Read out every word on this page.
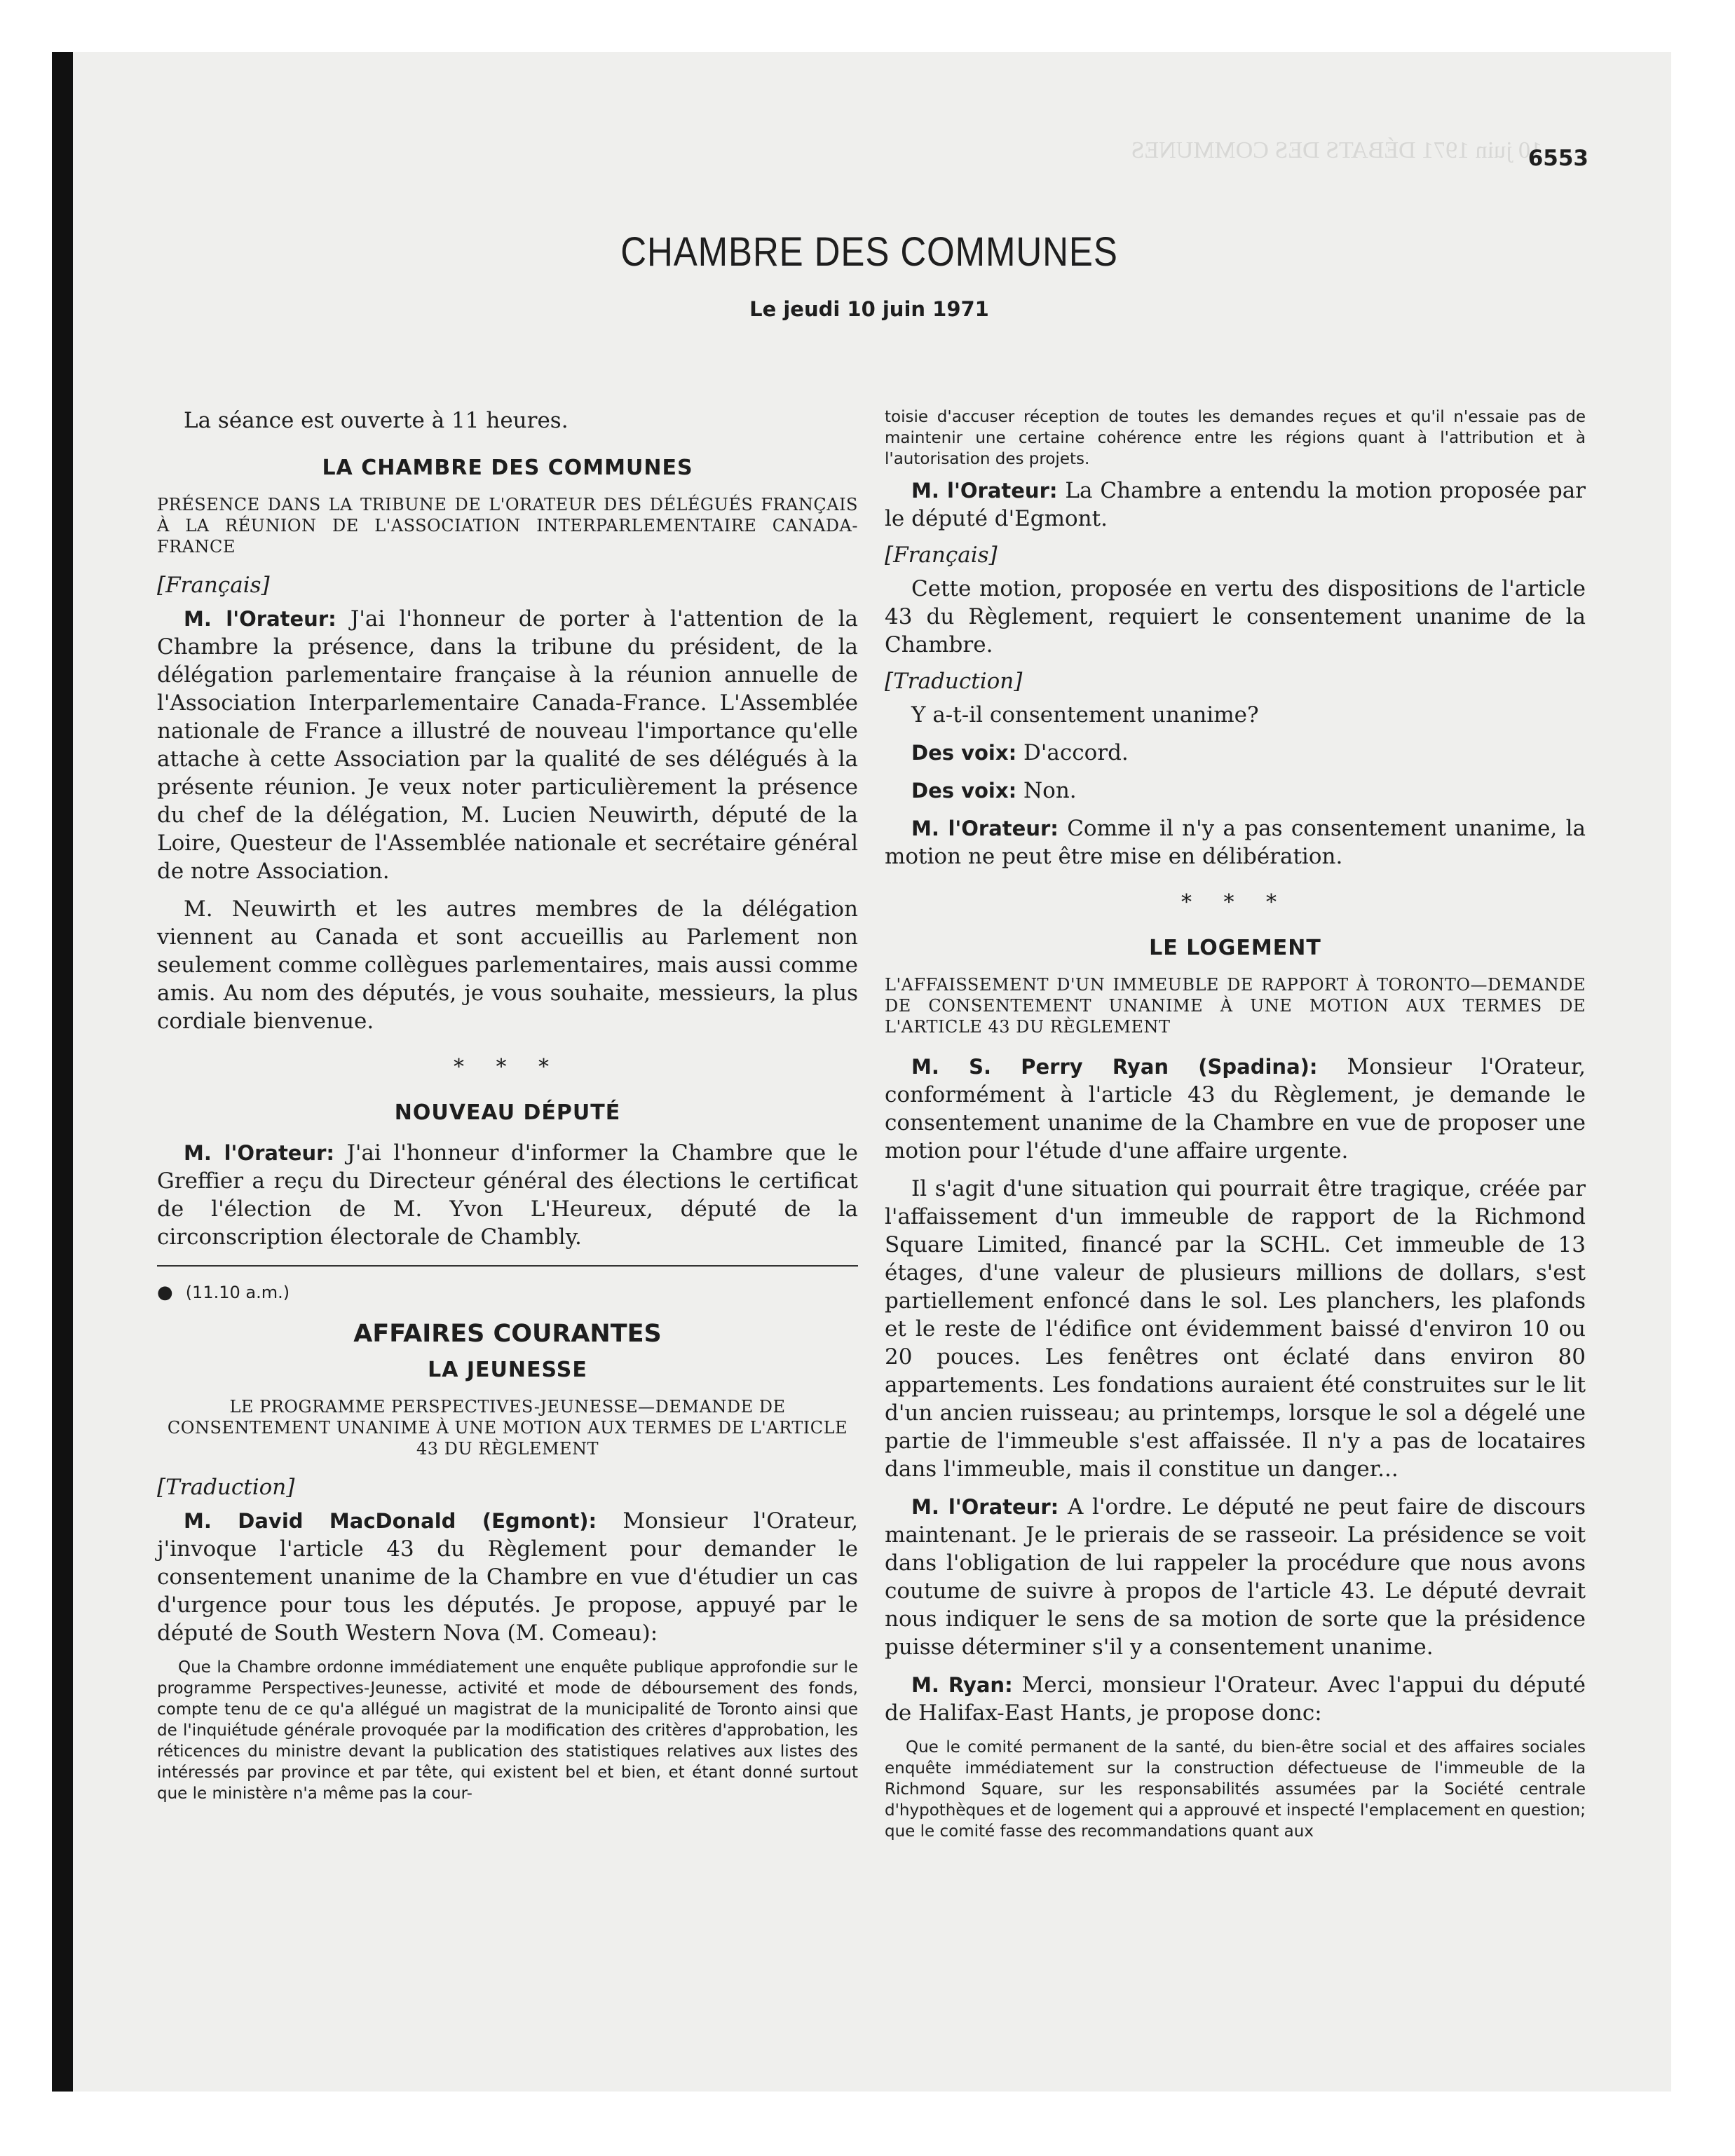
10 juin 1971 DÉBATS DES COMMUNES
6553
CHAMBRE DES COMMUNES
Le jeudi 10 juin 1971

La séance est ouverte à 11 heures.

LA CHAMBRE DES COMMUNES
PRÉSENCE DANS LA TRIBUNE DE L'ORATEUR DES DÉLÉGUÉS FRANÇAIS À LA RÉUNION DE L'ASSOCIATION INTERPARLEMENTAIRE CANADA-FRANCE
[Français]

M. l'Orateur: J'ai l'honneur de porter à l'attention de la Chambre la présence, dans la tribune du président, de la délégation parlementaire française à la réunion annuelle de l'Association Interparlementaire Canada-France. L'Assemblée nationale de France a illustré de nouveau l'importance qu'elle attache à cette Association par la qualité de ses délégués à la présente réunion. Je veux noter particulièrement la présence du chef de la délégation, M. Lucien Neuwirth, député de la Loire, Questeur de l'Assemblée nationale et secrétaire général de notre Association.

M. Neuwirth et les autres membres de la délégation viennent au Canada et sont accueillis au Parlement non seulement comme collègues parlementaires, mais aussi comme amis. Au nom des députés, je vous souhaite, messieurs, la plus cordiale bienvenue.

* * *
NOUVEAU DÉPUTÉ

M. l'Orateur: J'ai l'honneur d'informer la Chambre que le Greffier a reçu du Directeur général des élections le certificat de l'élection de M. Yvon L'Heureux, député de la circonscription électorale de Chambly.

● (11.10 a.m.)
AFFAIRES COURANTES
LA JEUNESSE
LE PROGRAMME PERSPECTIVES-JEUNESSE—DEMANDE DE CONSENTEMENT UNANIME À UNE MOTION AUX TERMES DE L'ARTICLE 43 DU RÈGLEMENT
[Traduction]

M. David MacDonald (Egmont): Monsieur l'Orateur, j'invoque l'article 43 du Règlement pour demander le consentement unanime de la Chambre en vue d'étudier un cas d'urgence pour tous les députés. Je propose, appuyé par le député de South Western Nova (M. Comeau):

Que la Chambre ordonne immédiatement une enquête publique approfondie sur le programme Perspectives-Jeunesse, activité et mode de déboursement des fonds, compte tenu de ce qu'a allégué un magistrat de la municipalité de Toronto ainsi que de l'inquiétude générale provoquée par la modification des critères d'approbation, les réticences du ministre devant la publication des statistiques relatives aux listes des intéressés par province et par tête, qui existent bel et bien, et étant donné surtout que le ministère n'a même pas la cour-

toisie d'accuser réception de toutes les demandes reçues et qu'il n'essaie pas de maintenir une certaine cohérence entre les régions quant à l'attribution et à l'autorisation des projets.

M. l'Orateur: La Chambre a entendu la motion proposée par le député d'Egmont.

[Français]

Cette motion, proposée en vertu des dispositions de l'article 43 du Règlement, requiert le consentement unanime de la Chambre.

[Traduction]

Y a-t-il consentement unanime?

Des voix: D'accord.

Des voix: Non.

M. l'Orateur: Comme il n'y a pas consentement unanime, la motion ne peut être mise en délibération.

* * *
LE LOGEMENT
L'AFFAISSEMENT D'UN IMMEUBLE DE RAPPORT À TORONTO—DEMANDE DE CONSENTEMENT UNANIME À UNE MOTION AUX TERMES DE L'ARTICLE 43 DU RÈGLEMENT

M. S. Perry Ryan (Spadina): Monsieur l'Orateur, conformément à l'article 43 du Règlement, je demande le consentement unanime de la Chambre en vue de proposer une motion pour l'étude d'une affaire urgente.

Il s'agit d'une situation qui pourrait être tragique, créée par l'affaissement d'un immeuble de rapport de la Richmond Square Limited, financé par la SCHL. Cet immeuble de 13 étages, d'une valeur de plusieurs millions de dollars, s'est partiellement enfoncé dans le sol. Les planchers, les plafonds et le reste de l'édifice ont évidemment baissé d'environ 10 ou 20 pouces. Les fenêtres ont éclaté dans environ 80 appartements. Les fondations auraient été construites sur le lit d'un ancien ruisseau; au printemps, lorsque le sol a dégelé une partie de l'immeuble s'est affaissée. Il n'y a pas de locataires dans l'immeuble, mais il constitue un danger...

M. l'Orateur: A l'ordre. Le député ne peut faire de discours maintenant. Je le prierais de se rasseoir. La présidence se voit dans l'obligation de lui rappeler la procédure que nous avons coutume de suivre à propos de l'article 43. Le député devrait nous indiquer le sens de sa motion de sorte que la présidence puisse déterminer s'il y a consentement unanime.

M. Ryan: Merci, monsieur l'Orateur. Avec l'appui du député de Halifax-East Hants, je propose donc:

Que le comité permanent de la santé, du bien-être social et des affaires sociales enquête immédiatement sur la construction défectueuse de l'immeuble de la Richmond Square, sur les responsabilités assumées par la Société centrale d'hypothèques et de logement qui a approuvé et inspecté l'emplacement en question; que le comité fasse des recommandations quant aux
